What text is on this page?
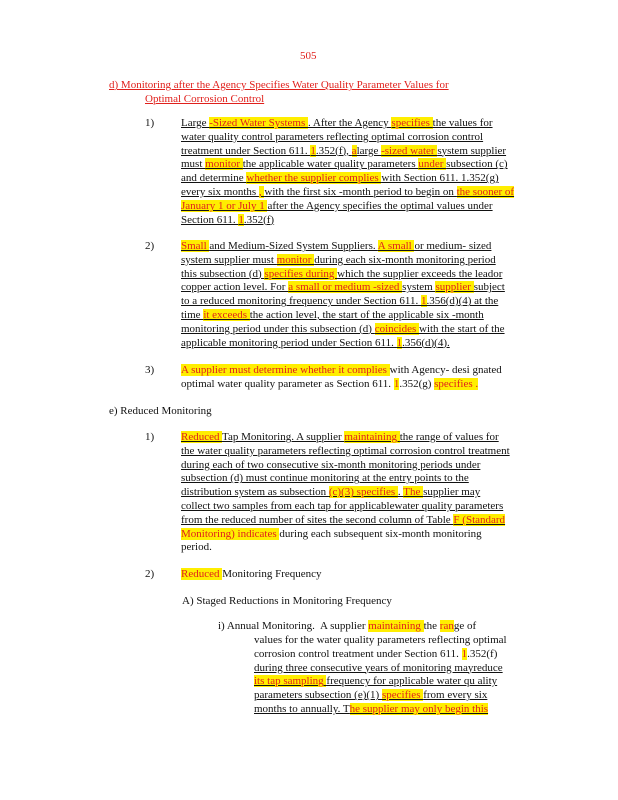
505
d) Monitoring after the Agency Specifies Water Quality Parameter Values for
Optimal Corrosion Control
1) Large -Sized Water Systems . After the Agency specifies the values for
water quality control parameters reflecting optimal corrosion control
treatment under Section 611. 1.352(f), alarge -sized water system supplier
must monitor the applicable water quality parameters under subsection (c)
and determine whether the supplier complies with Section 611. 1.352(g)
every six months , with the first six -month period to begin on the sooner of
January 1 or July 1 after the Agency specifies the optimal values under
Section 611. 1.352(f)
2) Small and Medium-Sized System Suppliers. A small or medium- sized
system supplier must monitor during each six-month monitoring period
this subsection (d) specifies during which the supplier exceeds the leador
copper action level. For a small or medium -sized system supplier subject
to a reduced monitoring frequency under Section 611. 1.356(d)(4) at the
time it exceeds the action level, the start of the applicable six -month
monitoring period under this subsection (d) coincides with the start of the
applicable monitoring period under Section 611. 1.356(d)(4).
3) A supplier must determine whether it complies with Agency- desi gnated
optimal water quality parameter as Section 611. 1.352(g) specifies .
e) Reduced Monitoring
1) Reduced Tap Monitoring. A supplier maintaining the range of values for
the water quality parameters reflecting optimal corrosion control treatment
during each of two consecutive six-month monitoring periods under
subsection (d) must continue monitoring at the entry points to the
distribution system as subsection (c)(3) specifies . The supplier may
collect two samples from each tap for applicablewater quality parameters
from the reduced number of sites the second column of Table F (Standard
Monitoring) indicates during each subsequent six-month monitoring
period.
2) Reduced Monitoring Frequency
A) Staged Reductions in Monitoring Frequency
i) Annual Monitoring. A supplier maintaining the range of
values for the water quality parameters reflecting optimal
corrosion control treatment under Section 611. 1.352(f)
during three consecutive years of monitoring mayreduce
its tap sampling frequency for applicable water qu ality
parameters subsection (e)(1) specifies from every six
months to annually. The supplier may only begin this
